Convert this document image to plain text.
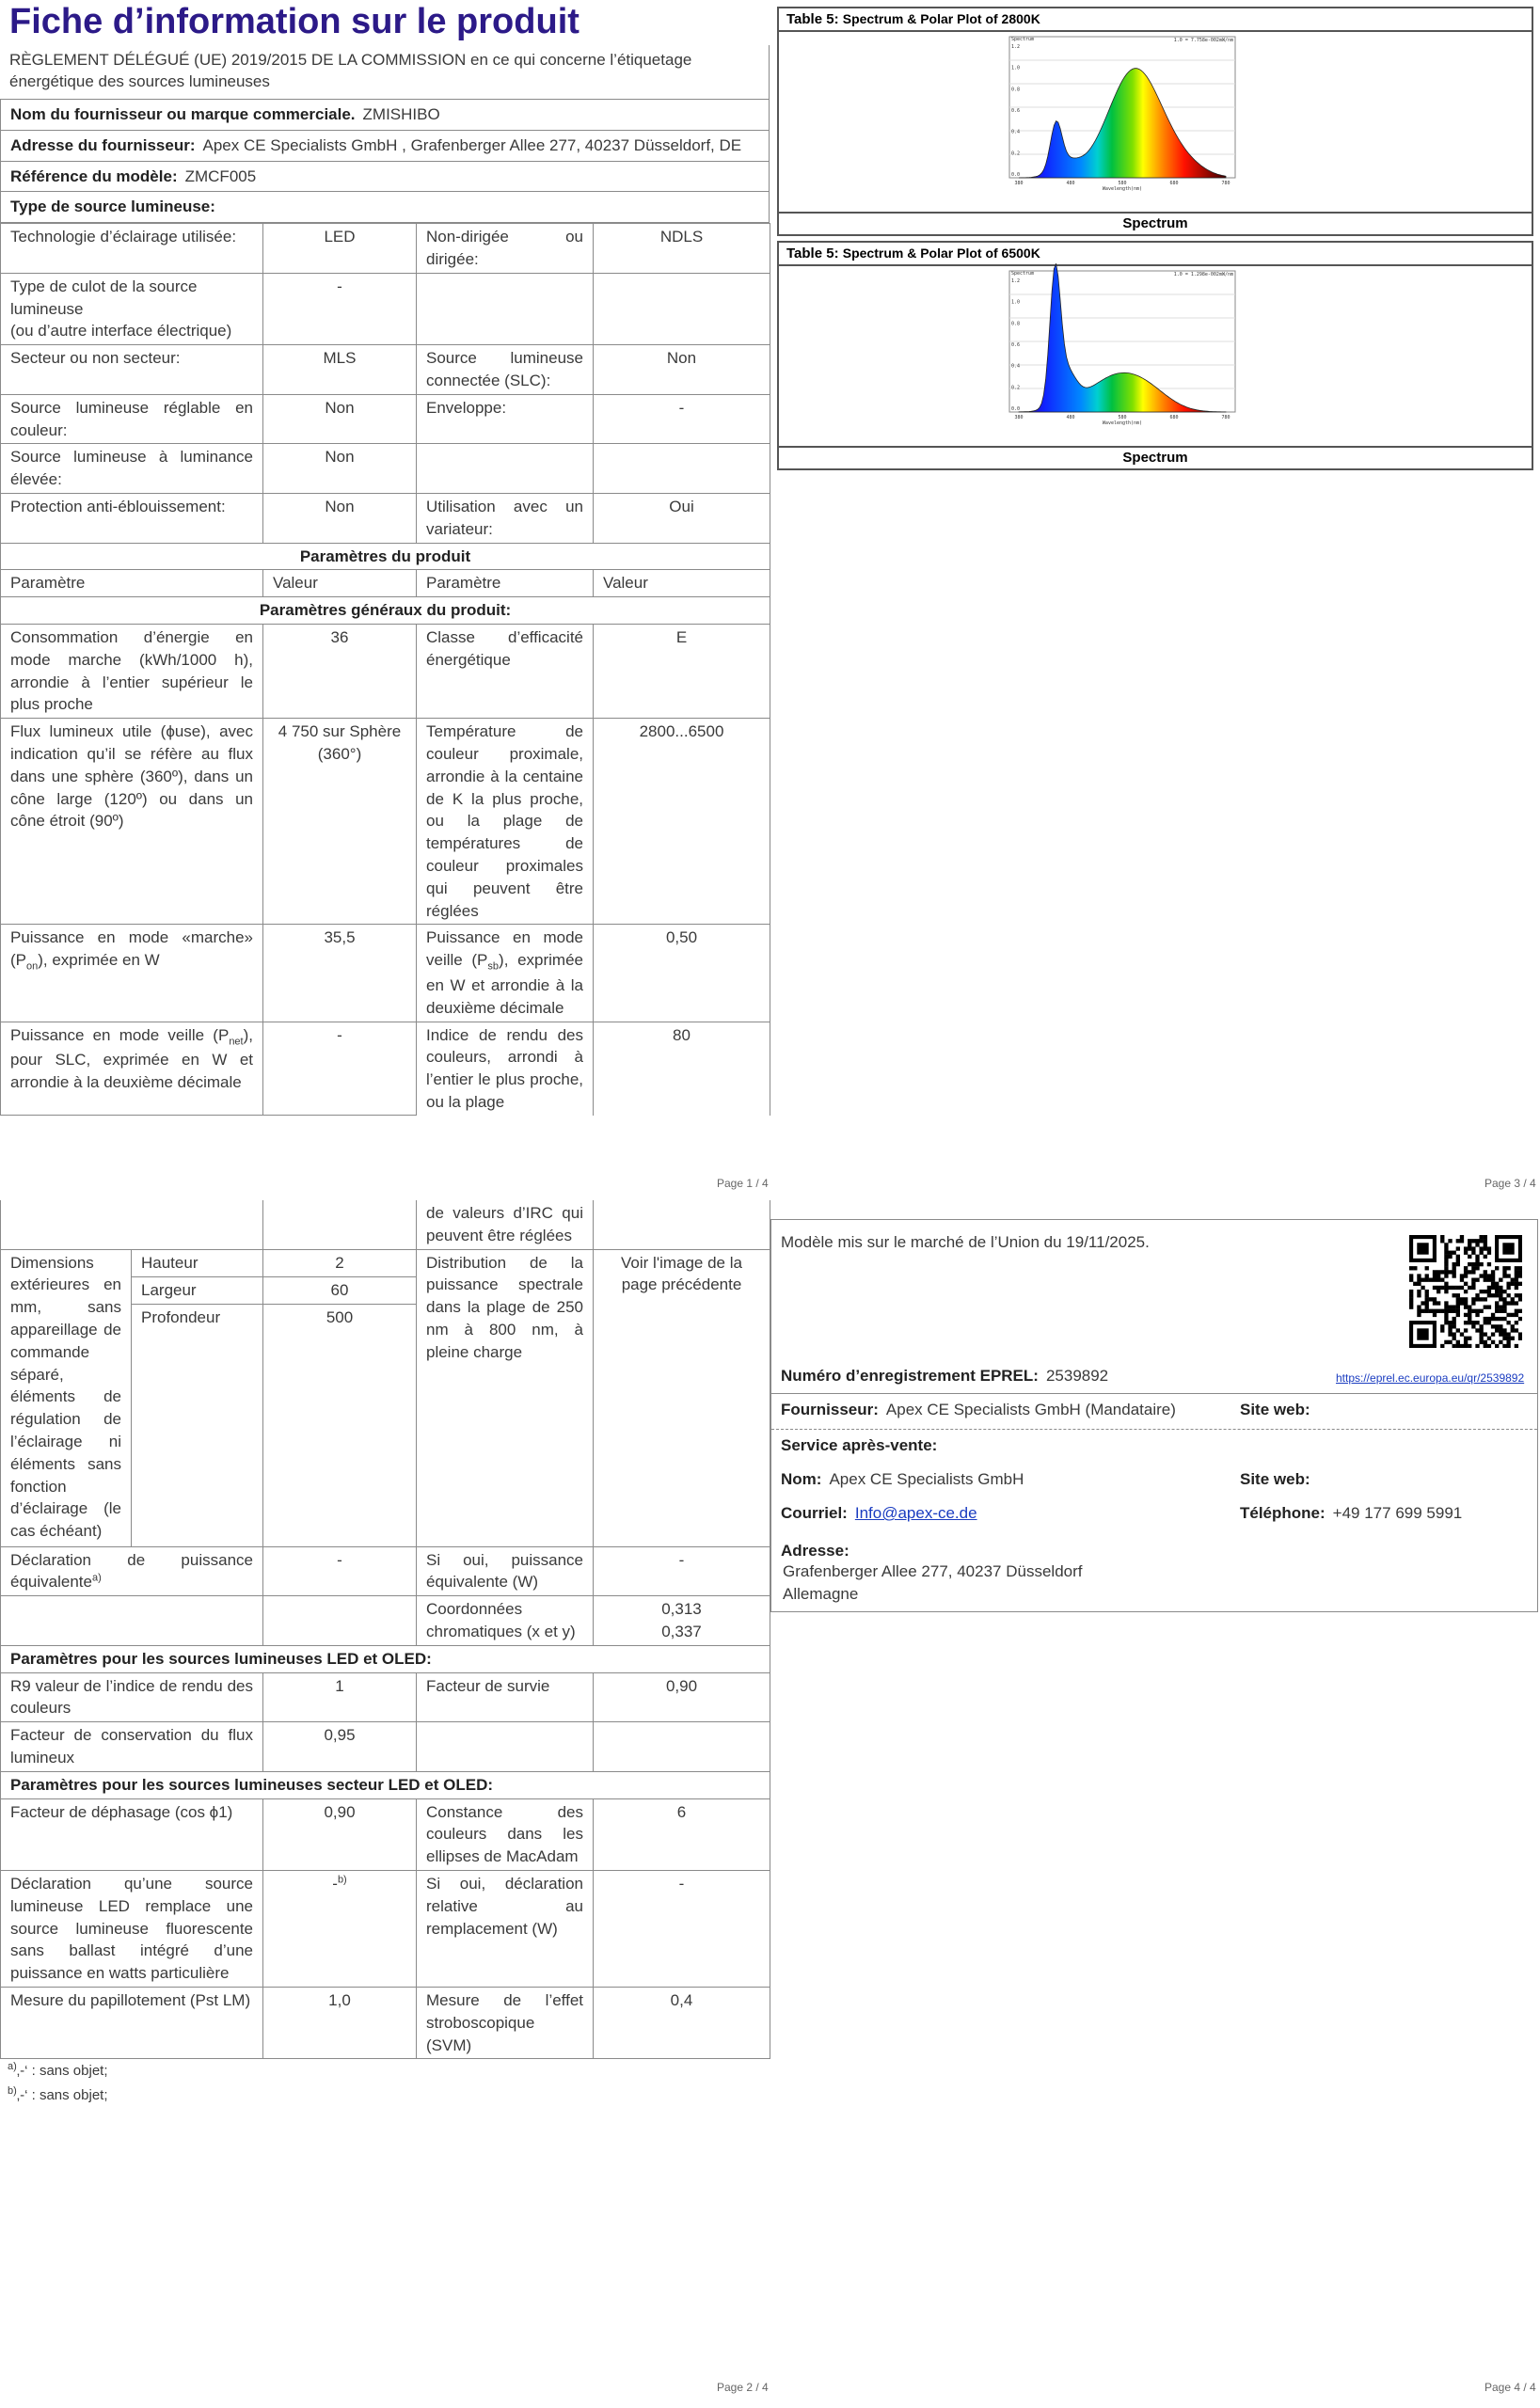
Fiche d’information sur le produit
RÈGLEMENT DÉLÉGUÉ (UE) 2019/2015 DE LA COMMISSION en ce qui concerne l’étiquetage énergétique des sources lumineuses
Nom du fournisseur ou marque commerciale. ZMISHIBO
Adresse du fournisseur: Apex CE Specialists GmbH , Grafenberger Allee 277, 40237 Düsseldorf, DE
Référence du modèle: ZMCF005
Type de source lumineuse:
Technologie d’éclairage utilisée:	LED	Non-dirigée ou dirigée:	NDLS

Type de culot de la source lumineuse
(ou d’autre interface électrique)	-		
Secteur ou non secteur:	MLS	Source lumineuse connectée (SLC):	Non
Source lumineuse réglable en couleur:	Non	Enveloppe:	-
Source lumineuse à luminance élevée:	Non		
Protection anti-éblouissement:	Non	Utilisation avec un variateur:	Oui
Paramètres du produit			
Paramètre	Valeur	Paramètre	Valeur
Paramètres généraux du produit:			
Consommation d’énergie en mode marche (kWh/1000 h), arrondie à l’entier supérieur le plus proche	36	Classe d’efficacité énergétique	E
Flux lumineux utile (ϕuse), avec indication qu’il se réfère au flux dans une sphère (360º), dans un cône large (120º) ou dans un cône étroit (90º)	4 750 sur Sphère (360°)	Température de couleur proximale, arrondie à la centaine de K la plus proche, ou la plage de températures de couleur proximales qui peuvent être réglées	2800...6500
Puissance en mode «marche» $(P_{on})$, exprimée en W	35,5	Puissance en mode veille $(P_{sb})$, exprimée en W et arrondie à la deuxième décimale	0,50
Puissance en mode veille $(P_{net})$, pour SLC, exprimée en W et arrondie à la deuxième décimale	-	Indice de rendu des couleurs, arrondi à l’entier le plus proche, ou la plage	80
Page 1 / 4
Table 5: Spectrum & Polar Plot of 2800K
Spectrum	1.0 = 7.758e-002mW/nm
1.2
1.0
0.8
0.6
0.4
0.2
0.0
380	480	580	680	780
Wavelength(nm)
Spectrum
Table 5: Spectrum & Polar Plot of 6500K
Spectrum	1.0 = 1.298e-002mW/nm
1.2
1.0
0.8
0.6
0.4
0.2
0.0
380	480	580	680	780
Wavelength(nm)
Spectrum
Page 3 / 4
			de valeurs d’IRC qui peuvent être réglées	
Dimensions extérieures en mm, sans appareillage de commande séparé, éléments de régulation de l’éclairage ni éléments sans fonction d’éclairage (le cas échéant)	Hauteur	2	Distribution de la puissance spectrale dans la plage de 250 nm à 800 nm, à pleine charge	Voir l'image de la page précédente
	Largeur	60		
	Profondeur	500		
Déclaration de puissance équivalente$^{a)}$		-	Si oui, puissance équivalente (W)	-
			Coordonnées chromatiques (x et y)	0,313
0,337

Paramètres pour les sources lumineuses LED et OLED:				
R9 valeur de l’indice de rendu des couleurs		1	Facteur de survie	0,90
Facteur de conservation du flux lumineux		0,95		
Paramètres pour les sources lumineuses secteur LED et OLED:				
Facteur de déphasage (cos ϕ1)		0,90	Constance des couleurs dans les ellipses de MacAdam	6
Déclaration qu’une source lumineuse LED remplace une source lumineuse fluorescente sans ballast intégré d’une puissance en watts particulière		-$^{b)}$	Si oui, déclaration relative au remplacement (W)	-
Mesure du papillotement (Pst LM)		1,0	Mesure de l’effet stroboscopique (SVM)	0,4
$^{a)}$‚-‘ : sans objet;
$^{b)}$‚-‘ : sans objet;
Page 2 / 4
Modèle mis sur le marché de l’Union du 19/11/2025.
Numéro d’enregistrement EPREL: 2539892	https://eprel.ec.europa.eu/qr/2539892
Fournisseur: Apex CE Specialists GmbH (Mandataire)	Site web:
Service après-vente:
Nom: Apex CE Specialists GmbH	Site web:
Courriel: Info@apex-ce.de	Téléphone: +49 177 699 5991
Adresse:
Grafenberger Allee 277, 40237 Düsseldorf
Allemagne
Page 4 / 4
